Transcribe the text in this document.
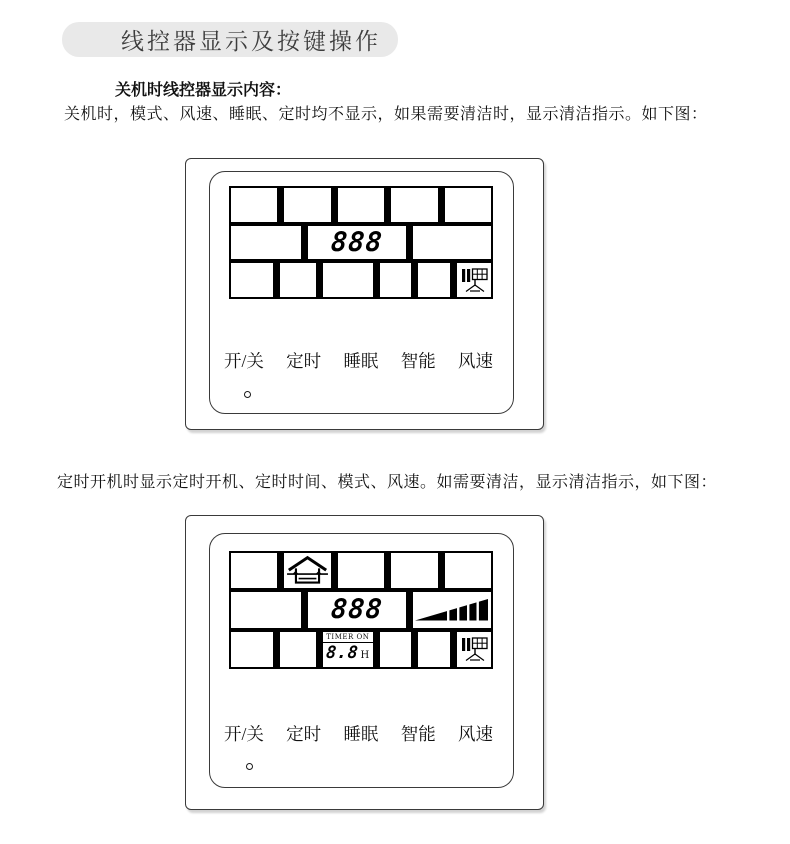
线控器显示及按键操作
关机时线控器显示内容：
关机时，模式、风速、睡眠、定时均不显示，如果需要清洁时，显示清洁指示。如下图：
888
开/关 定时 睡眠 智能 风速
定时开机时显示定时开机、定时时间、模式、风速。如需要清洁，显示清洁指示，如下图：
888
TIMER ON
8.8 H
开/关 定时 睡眠 智能 风速
